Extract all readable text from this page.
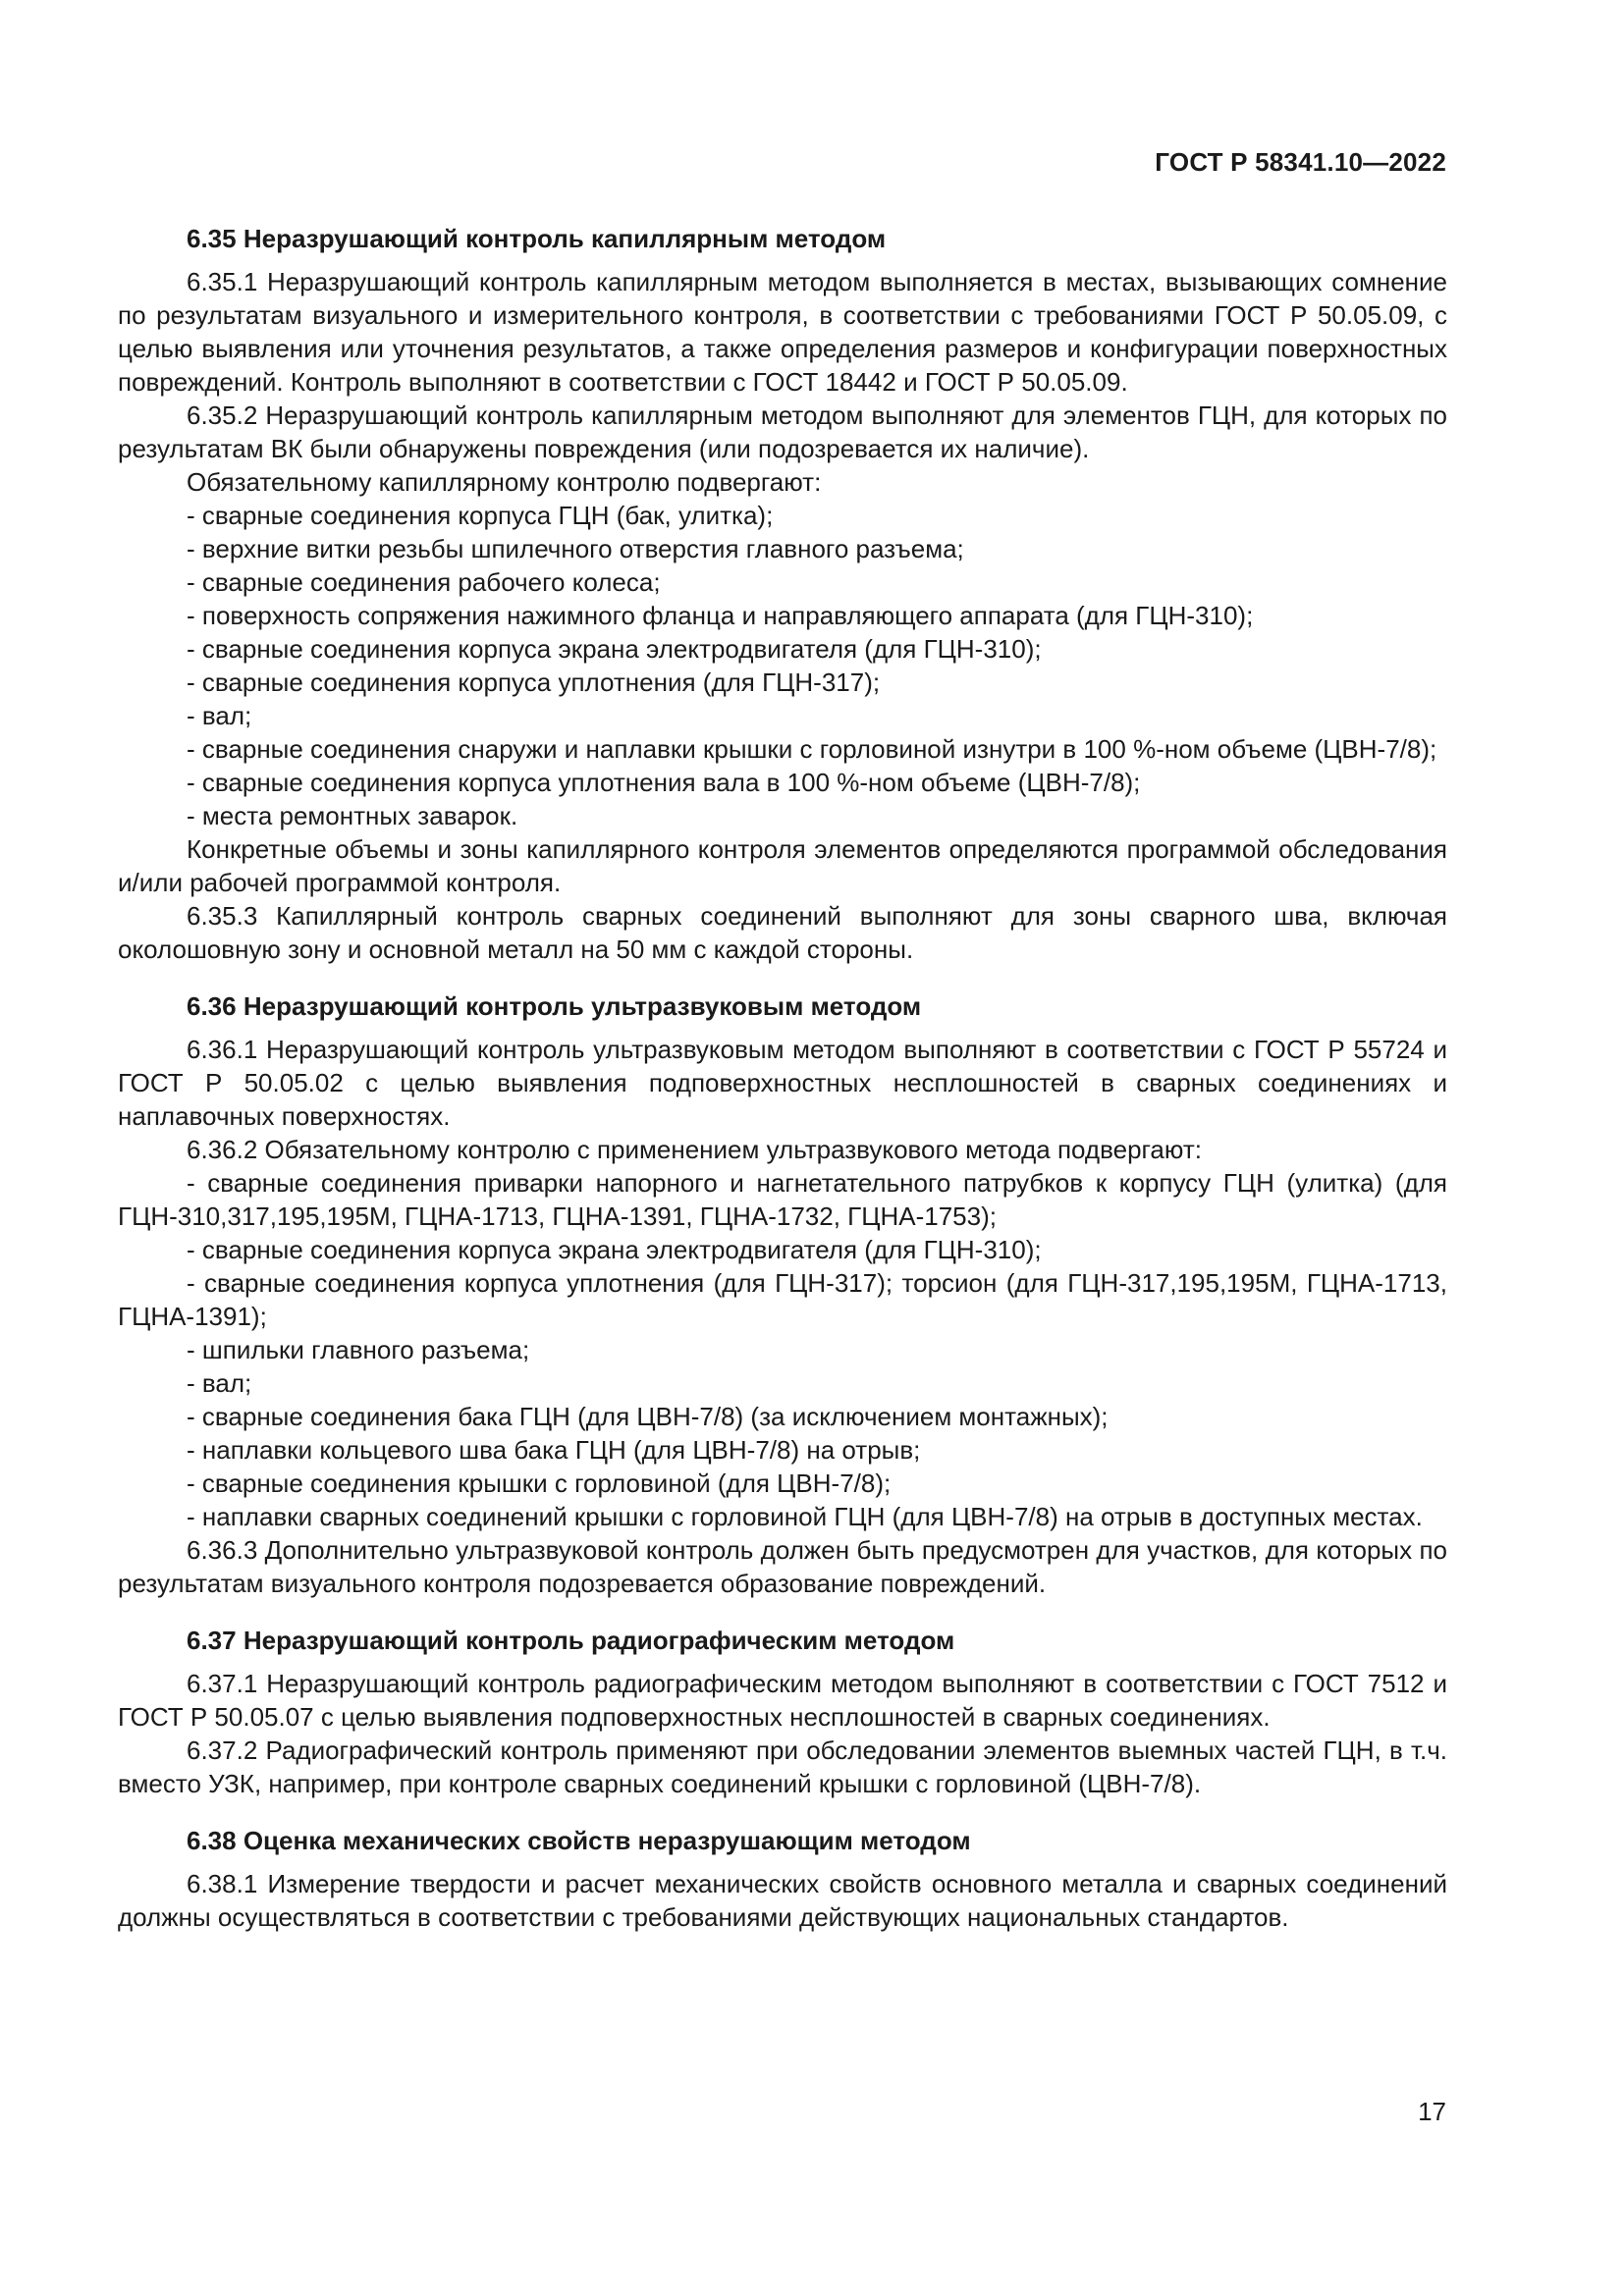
ГОСТ Р 58341.10—2022
6.35 Неразрушающий контроль капиллярным методом

6.35.1 Неразрушающий контроль капиллярным методом выполняется в местах, вызывающих сомнение по результатам визуального и измерительного контроля, в соответствии с требованиями ГОСТ Р 50.05.09, с целью выявления или уточнения результатов, а также определения размеров и конфигурации поверхностных повреждений. Контроль выполняют в соответствии с ГОСТ 18442 и ГОСТ Р 50.05.09.

6.35.2 Неразрушающий контроль капиллярным методом выполняют для элементов ГЦН, для которых по результатам ВК были обнаружены повреждения (или подозревается их наличие).

Обязательному капиллярному контролю подвергают:

- сварные соединения корпуса ГЦН (бак, улитка);

- верхние витки резьбы шпилечного отверстия главного разъема;

- сварные соединения рабочего колеса;

- поверхность сопряжения нажимного фланца и направляющего аппарата (для ГЦН-310);

- сварные соединения корпуса экрана электродвигателя (для ГЦН-310);

- сварные соединения корпуса уплотнения (для ГЦН-317);

- вал;

- сварные соединения снаружи и наплавки крышки с горловиной изнутри в 100 %-ном объеме (ЦВН-7/8);

- сварные соединения корпуса уплотнения вала в 100 %-ном объеме (ЦВН-7/8);

- места ремонтных заварок.

Конкретные объемы и зоны капиллярного контроля элементов определяются программой обследования и/или рабочей программой контроля.

6.35.3 Капиллярный контроль сварных соединений выполняют для зоны сварного шва, включая околошовную зону и основной металл на 50 мм с каждой стороны.

6.36 Неразрушающий контроль ультразвуковым методом

6.36.1 Неразрушающий контроль ультразвуковым методом выполняют в соответствии с ГОСТ Р 55724 и ГОСТ Р 50.05.02 с целью выявления подповерхностных несплошностей в сварных соединениях и наплавочных поверхностях.

6.36.2 Обязательному контролю с применением ультразвукового метода подвергают:

- сварные соединения приварки напорного и нагнетательного патрубков к корпусу ГЦН (улитка) (для ГЦН-310,317,195,195М, ГЦНА-1713, ГЦНА-1391, ГЦНА-1732, ГЦНА-1753);

- сварные соединения корпуса экрана электродвигателя (для ГЦН-310);

- сварные соединения корпуса уплотнения (для ГЦН-317); торсион (для ГЦН-317,195,195М, ГЦНА-1713, ГЦНА-1391);

- шпильки главного разъема;

- вал;

- сварные соединения бака ГЦН (для ЦВН-7/8) (за исключением монтажных);

- наплавки кольцевого шва бака ГЦН (для ЦВН-7/8) на отрыв;

- сварные соединения крышки с горловиной (для ЦВН-7/8);

- наплавки сварных соединений крышки с горловиной ГЦН (для ЦВН-7/8) на отрыв в доступных местах.

6.36.3 Дополнительно ультразвуковой контроль должен быть предусмотрен для участков, для которых по результатам визуального контроля подозревается образование повреждений.

6.37 Неразрушающий контроль радиографическим методом

6.37.1 Неразрушающий контроль радиографическим методом выполняют в соответствии с ГОСТ 7512 и ГОСТ Р 50.05.07 с целью выявления подповерхностных несплошностей в сварных соединениях.

6.37.2 Радиографический контроль применяют при обследовании элементов выемных частей ГЦН, в т.ч. вместо УЗК, например, при контроле сварных соединений крышки с горловиной (ЦВН-7/8).

6.38 Оценка механических свойств неразрушающим методом

6.38.1 Измерение твердости и расчет механических свойств основного металла и сварных соединений должны осуществляться в соответствии с требованиями действующих национальных стандартов.

17
